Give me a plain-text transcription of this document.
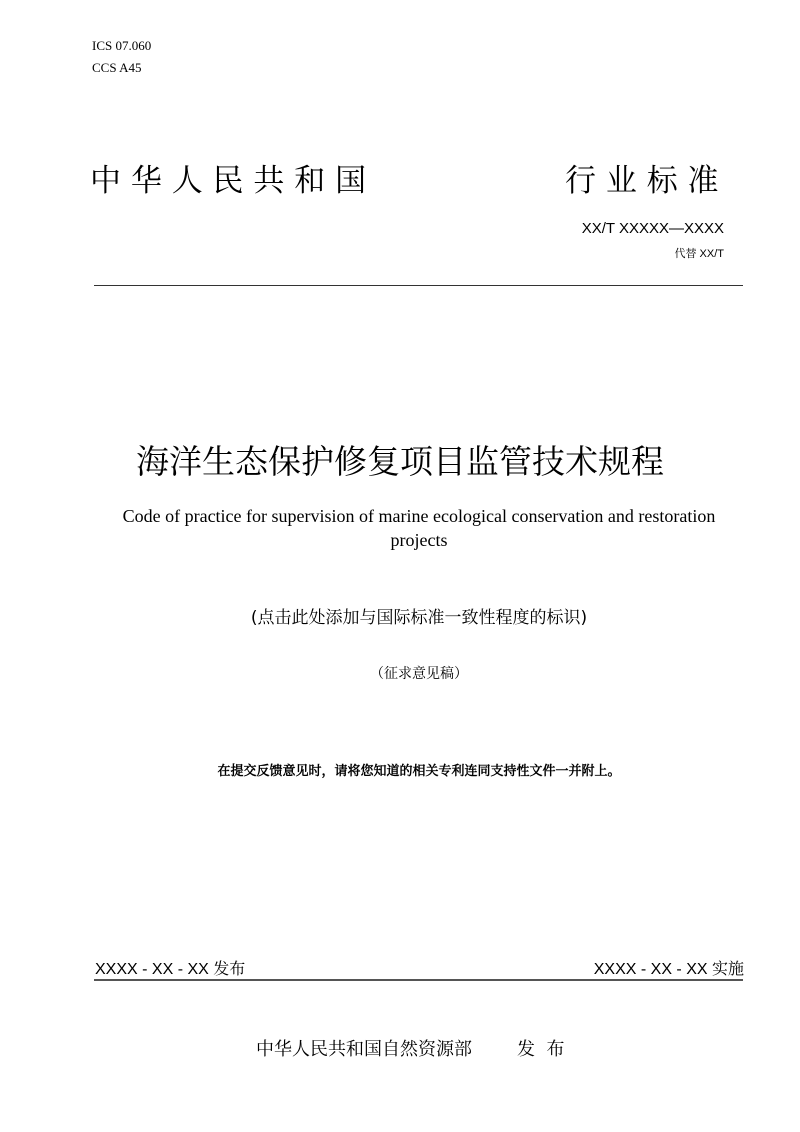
ICS 07.060
CCS A45
中 华 人 民 共 和 国	行 业 标 准
XX/T XXXXX—XXXX
代替 XX/T
海洋生态保护修复项目监管技术规程
Code of practice for supervision of marine ecological conservation and restoration
projects
(点击此处添加与国际标准一致性程度的标识)
（征求意见稿）
在提交反馈意见时，请将您知道的相关专利连同支持性文件一并附上。
XXXX - XX - XX 发布	XXXX - XX - XX 实施
中华人民共和国自然资源部	发  布
